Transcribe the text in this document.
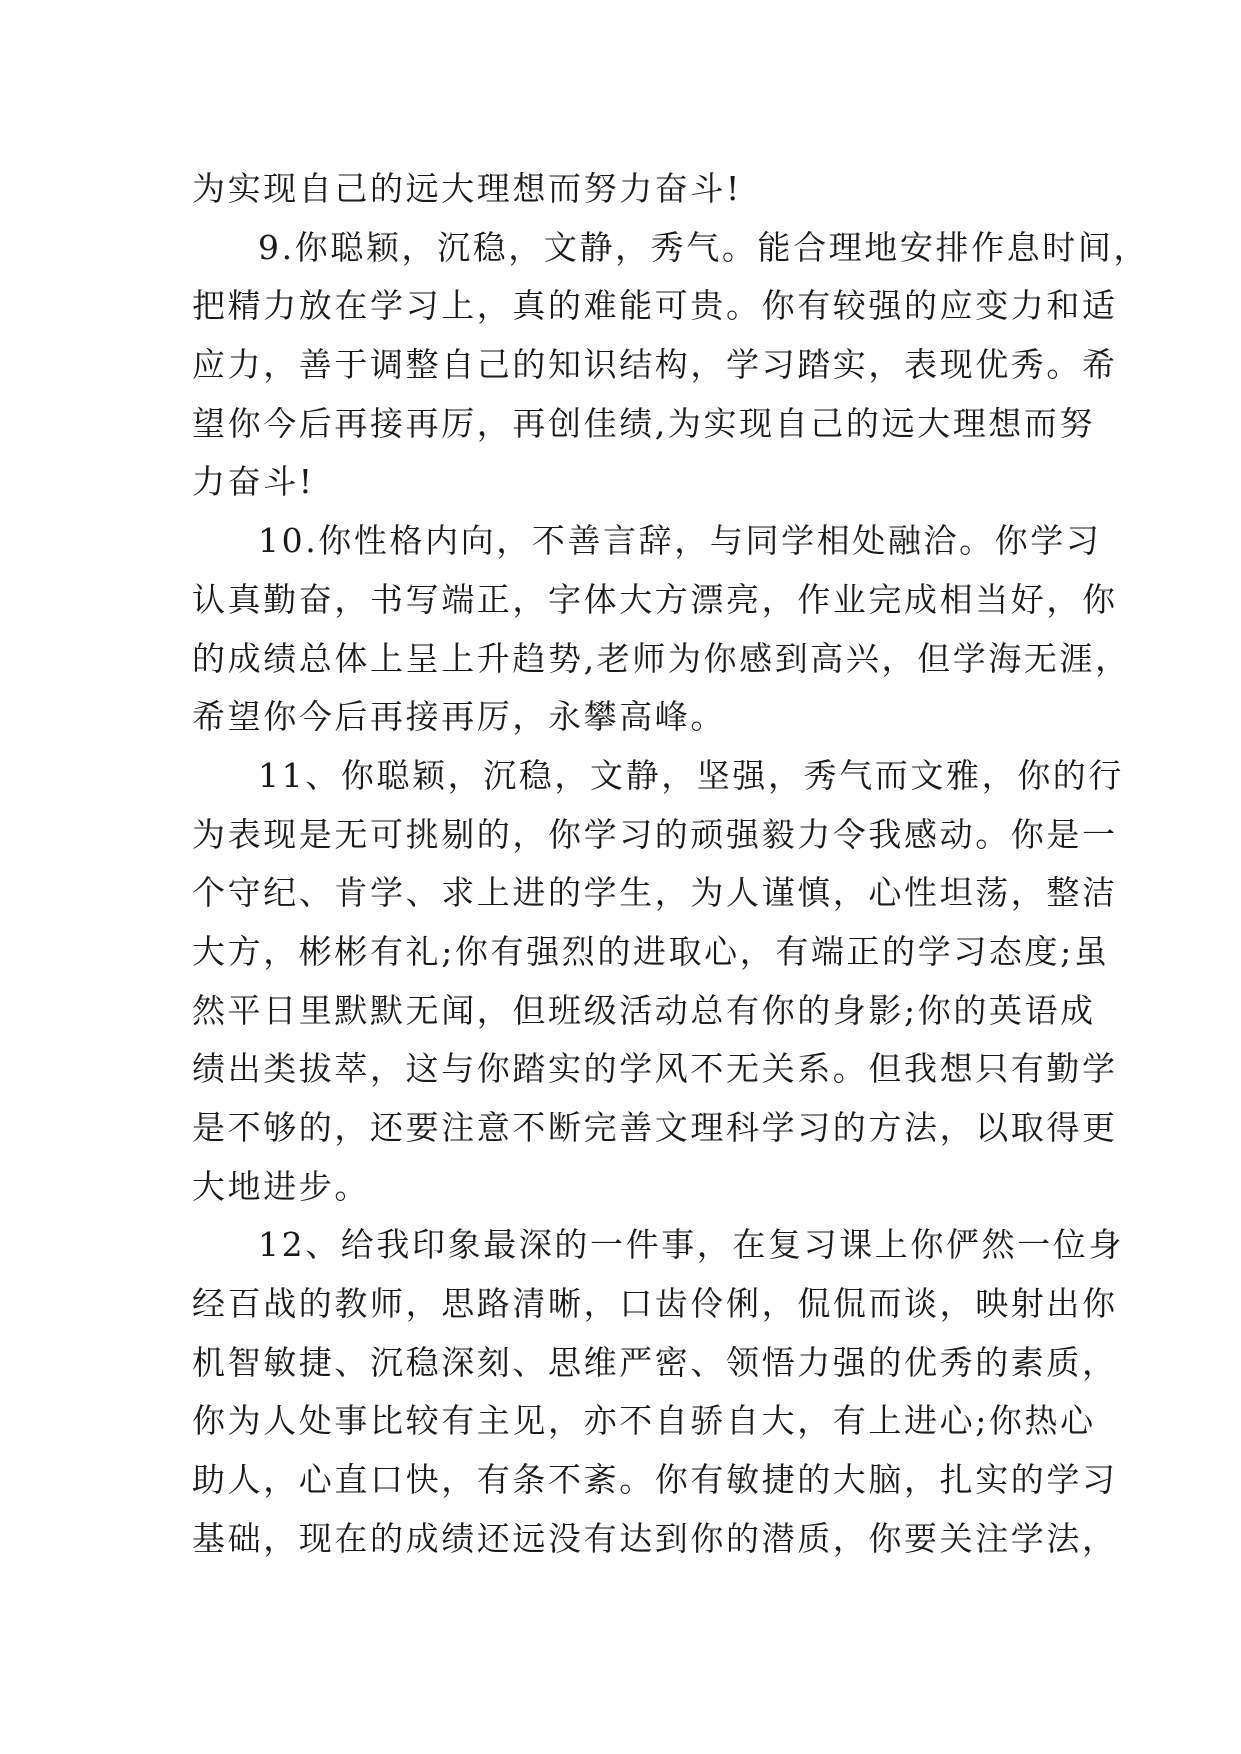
为实现自己的远大理想而努力奋斗!
9.你聪颖，沉稳，文静，秀气。能合理地安排作息时间，
把精力放在学习上，真的难能可贵。你有较强的应变力和适
应力，善于调整自己的知识结构，学习踏实，表现优秀。希
望你今后再接再厉，再创佳绩,为实现自己的远大理想而努
力奋斗!
10.你性格内向，不善言辞，与同学相处融洽。你学习
认真勤奋，书写端正，字体大方漂亮，作业完成相当好，你
的成绩总体上呈上升趋势,老师为你感到高兴，但学海无涯，
希望你今后再接再厉，永攀高峰。
11、你聪颖，沉稳，文静，坚强，秀气而文雅，你的行
为表现是无可挑剔的，你学习的顽强毅力令我感动。你是一
个守纪、肯学、求上进的学生，为人谨慎，心性坦荡，整洁
大方，彬彬有礼;你有强烈的进取心，有端正的学习态度;虽
然平日里默默无闻，但班级活动总有你的身影;你的英语成
绩出类拔萃，这与你踏实的学风不无关系。但我想只有勤学
是不够的，还要注意不断完善文理科学习的方法，以取得更
大地进步。
12、给我印象最深的一件事，在复习课上你俨然一位身
经百战的教师，思路清晰，口齿伶俐，侃侃而谈，映射出你
机智敏捷、沉稳深刻、思维严密、领悟力强的优秀的素质，
你为人处事比较有主见，亦不自骄自大，有上进心;你热心
助人，心直口快，有条不紊。你有敏捷的大脑，扎实的学习
基础，现在的成绩还远没有达到你的潜质，你要关注学法，
